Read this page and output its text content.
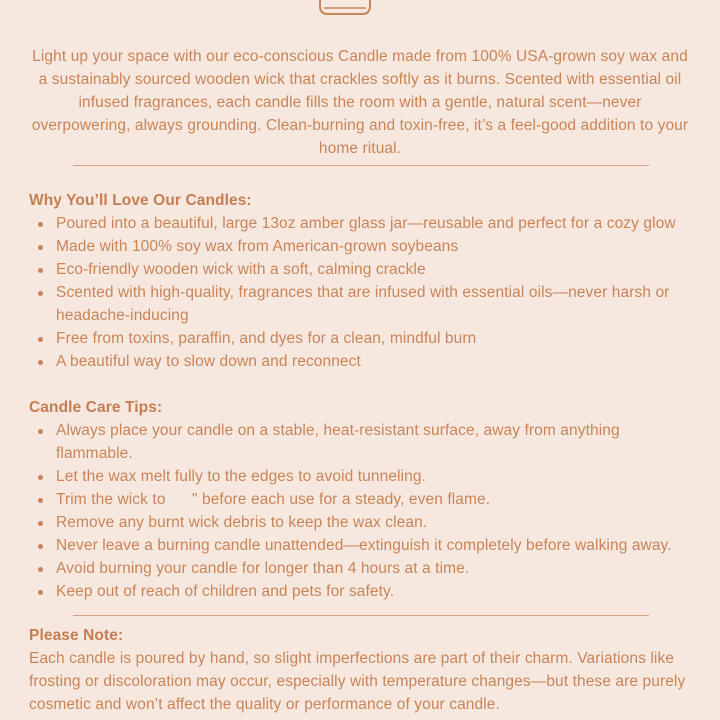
Light up your space with our eco-conscious Candle made from 100% USA-grown soy wax and a sustainably sourced wooden wick that crackles softly as it burns. Scented with essential oil infused fragrances, each candle fills the room with a gentle, natural scent—never overpowering, always grounding. Clean-burning and toxin-free, it’s a feel-good addition to your home ritual.

Why You’ll Love Our Candles:
Poured into a beautiful, large 13oz amber glass jar—reusable and perfect for a cozy glow
Made with 100% soy wax from American-grown soybeans
Eco-friendly wooden wick with a soft, calming crackle
Scented with high-quality, fragrances that are infused with essential oils—never harsh or headache-inducing
Free from toxins, paraffin, and dyes for a clean, mindful burn
A beautiful way to slow down and reconnect
Candle Care Tips:
Always place your candle on a stable, heat-resistant surface, away from anything flammable.
Let the wax melt fully to the edges to avoid tunneling.
Trim the wick to      " before each use for a steady, even flame.
Remove any burnt wick debris to keep the wax clean.
Never leave a burning candle unattended—extinguish it completely before walking away.
Avoid burning your candle for longer than 4 hours at a time.
Keep out of reach of children and pets for safety.
Please Note:
Each candle is poured by hand, so slight imperfections are part of their charm. Variations like frosting or discoloration may occur, especially with temperature changes—but these are purely cosmetic and won’t affect the quality or performance of your candle.
